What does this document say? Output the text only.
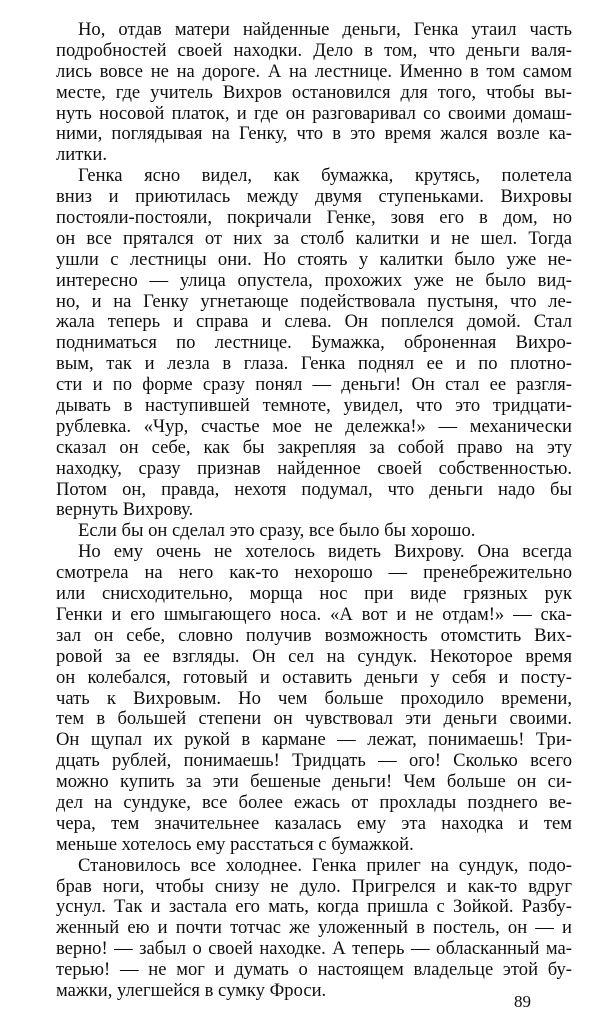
Но, отдав матери найденные деньги, Генка утаил часть
подробностей своей находки. Дело в том, что деньги валя-
лись вовсе не на дороге. А на лестнице. Именно в том самом
месте, где учитель Вихров остановился для того, чтобы вы-
нуть носовой платок, и где он разговаривал со своими домаш-
ними, поглядывая на Генку, что в это время жался возле ка-
литки.
Генка ясно видел, как бумажка, крутясь, полетела
вниз и приютилась между двумя ступеньками. Вихровы
постояли-постояли, покричали Генке, зовя его в дом, но
он все прятался от них за столб калитки и не шел. Тогда
ушли с лестницы они. Но стоять у калитки было уже не-
интересно — улица опустела, прохожих уже не было вид-
но, и на Генку угнетающе подействовала пустыня, что ле-
жала теперь и справа и слева. Он поплелся домой. Стал
подниматься по лестнице. Бумажка, оброненная Вихро-
вым, так и лезла в глаза. Генка поднял ее и по плотно-
сти и по форме сразу понял — деньги! Он стал ее разгля-
дывать в наступившей темноте, увидел, что это тридцати-
рублевка. «Чур, счастье мое не дележка!» — механически
сказал он себе, как бы закрепляя за собой право на эту
находку, сразу признав найденное своей собственностью.
Потом он, правда, нехотя подумал, что деньги надо бы
вернуть Вихрову.
Если бы он сделал это сразу, все было бы хорошо.
Но ему очень не хотелось видеть Вихрову. Она всегда
смотрела на него как-то нехорошо — пренебрежительно
или снисходительно, морща нос при виде грязных рук
Генки и его шмыгающего носа. «А вот и не отдам!» — ска-
зал он себе, словно получив возможность отомстить Вих-
ровой за ее взгляды. Он сел на сундук. Некоторое время
он колебался, готовый и оставить деньги у себя и посту-
чать к Вихровым. Но чем больше проходило времени,
тем в большей степени он чувствовал эти деньги своими.
Он щупал их рукой в кармане — лежат, понимаешь! Три-
дцать рублей, понимаешь! Тридцать — ого! Сколько всего
можно купить за эти бешеные деньги! Чем больше он си-
дел на сундуке, все более ежась от прохлады позднего ве-
чера, тем значительнее казалась ему эта находка и тем
меньше хотелось ему расстаться с бумажкой.
Становилось все холоднее. Генка прилег на сундук, подо-
брав ноги, чтобы снизу не дуло. Пригрелся и как-то вдруг
уснул. Так и застала его мать, когда пришла с Зойкой. Разбу-
женный ею и почти тотчас же уложенный в постель, он — и
верно! — забыл о своей находке. А теперь — обласканный ма-
терью! — не мог и думать о настоящем владельце этой бу-
мажки, улегшейся в сумку Фроси.
89
